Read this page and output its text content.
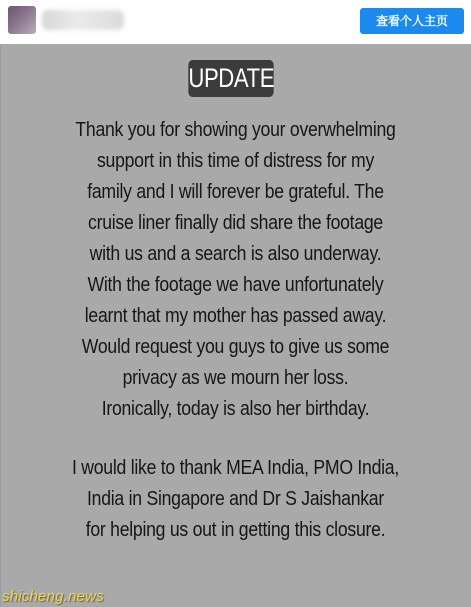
查看个人主页
UPDATE
Thank you for showing your overwhelming
support in this time of distress for my
family and I will forever be grateful. The
cruise liner finally did share the footage
with us and a search is also underway.
With the footage we have unfortunately
learnt that my mother has passed away.
Would request you guys to give us some
privacy as we mourn her loss.
Ironically, today is also her birthday.
I would like to thank MEA India, PMO India,
India in Singapore and Dr S Jaishankar
for helping us out in getting this closure.
shicheng.news
